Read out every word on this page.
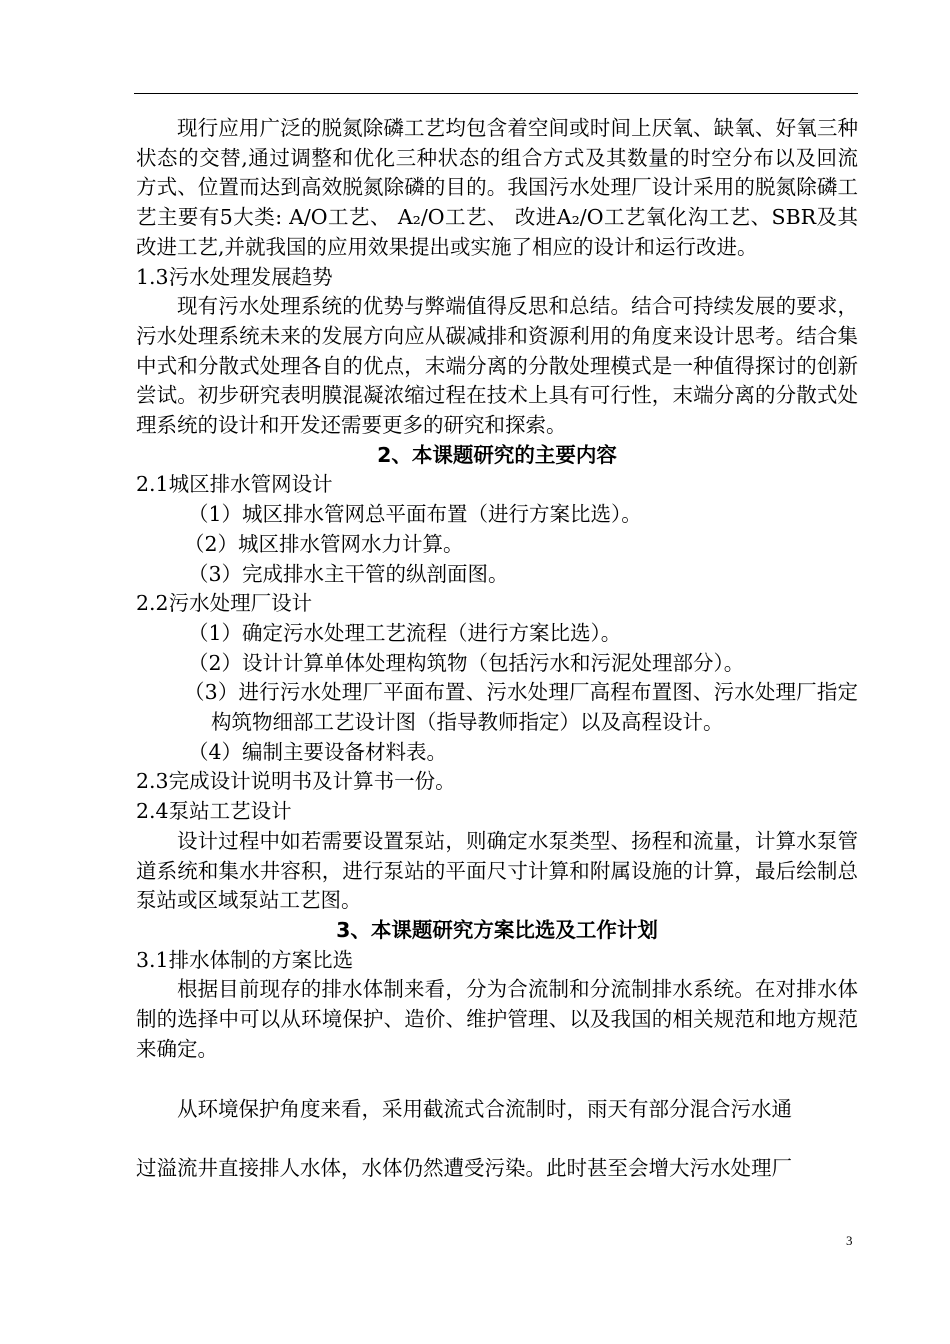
现行应用广泛的脱氮除磷工艺均包含着空间或时间上厌氧、缺氧、好氧三种状态的交替,通过调整和优化三种状态的组合方式及其数量的时空分布以及回流方式、位置而达到高效脱氮除磷的目的。我国污水处理厂设计采用的脱氮除磷工艺主要有5大类: A/O工艺、 A₂/O工艺、 改进A₂/O工艺氧化沟工艺、SBR及其改进工艺,并就我国的应用效果提出或实施了相应的设计和运行改进。

1.3污水处理发展趋势

现有污水处理系统的优势与弊端值得反思和总结。结合可持续发展的要求，污水处理系统未来的发展方向应从碳减排和资源利用的角度来设计思考。结合集中式和分散式处理各自的优点，末端分离的分散处理模式是一种值得探讨的创新尝试。初步研究表明膜混凝浓缩过程在技术上具有可行性，末端分离的分散式处理系统的设计和开发还需要更多的研究和探索。

2、本课题研究的主要内容

2.1城区排水管网设计

（1）城区排水管网总平面布置（进行方案比选）。

（2）城区排水管网水力计算。

（3）完成排水主干管的纵剖面图。

2.2污水处理厂设计

（1）确定污水处理工艺流程（进行方案比选）。

（2）设计计算单体处理构筑物（包括污水和污泥处理部分）。

（3）进行污水处理厂平面布置、污水处理厂高程布置图、污水处理厂指定构筑物细部工艺设计图（指导教师指定）以及高程设计。

（4）编制主要设备材料表。

2.3完成设计说明书及计算书一份。

2.4泵站工艺设计

设计过程中如若需要设置泵站，则确定水泵类型、扬程和流量，计算水泵管道系统和集水井容积，进行泵站的平面尺寸计算和附属设施的计算，最后绘制总泵站或区域泵站工艺图。

3、本课题研究方案比选及工作计划

3.1排水体制的方案比选

根据目前现存的排水体制来看，分为合流制和分流制排水系统。在对排水体制的选择中可以从环境保护、造价、维护管理、以及我国的相关规范和地方规范来确定。

从环境保护角度来看，采用截流式合流制时，雨天有部分混合污水通

过溢流井直接排人水体，水体仍然遭受污染。此时甚至会增大污水处理厂

3
